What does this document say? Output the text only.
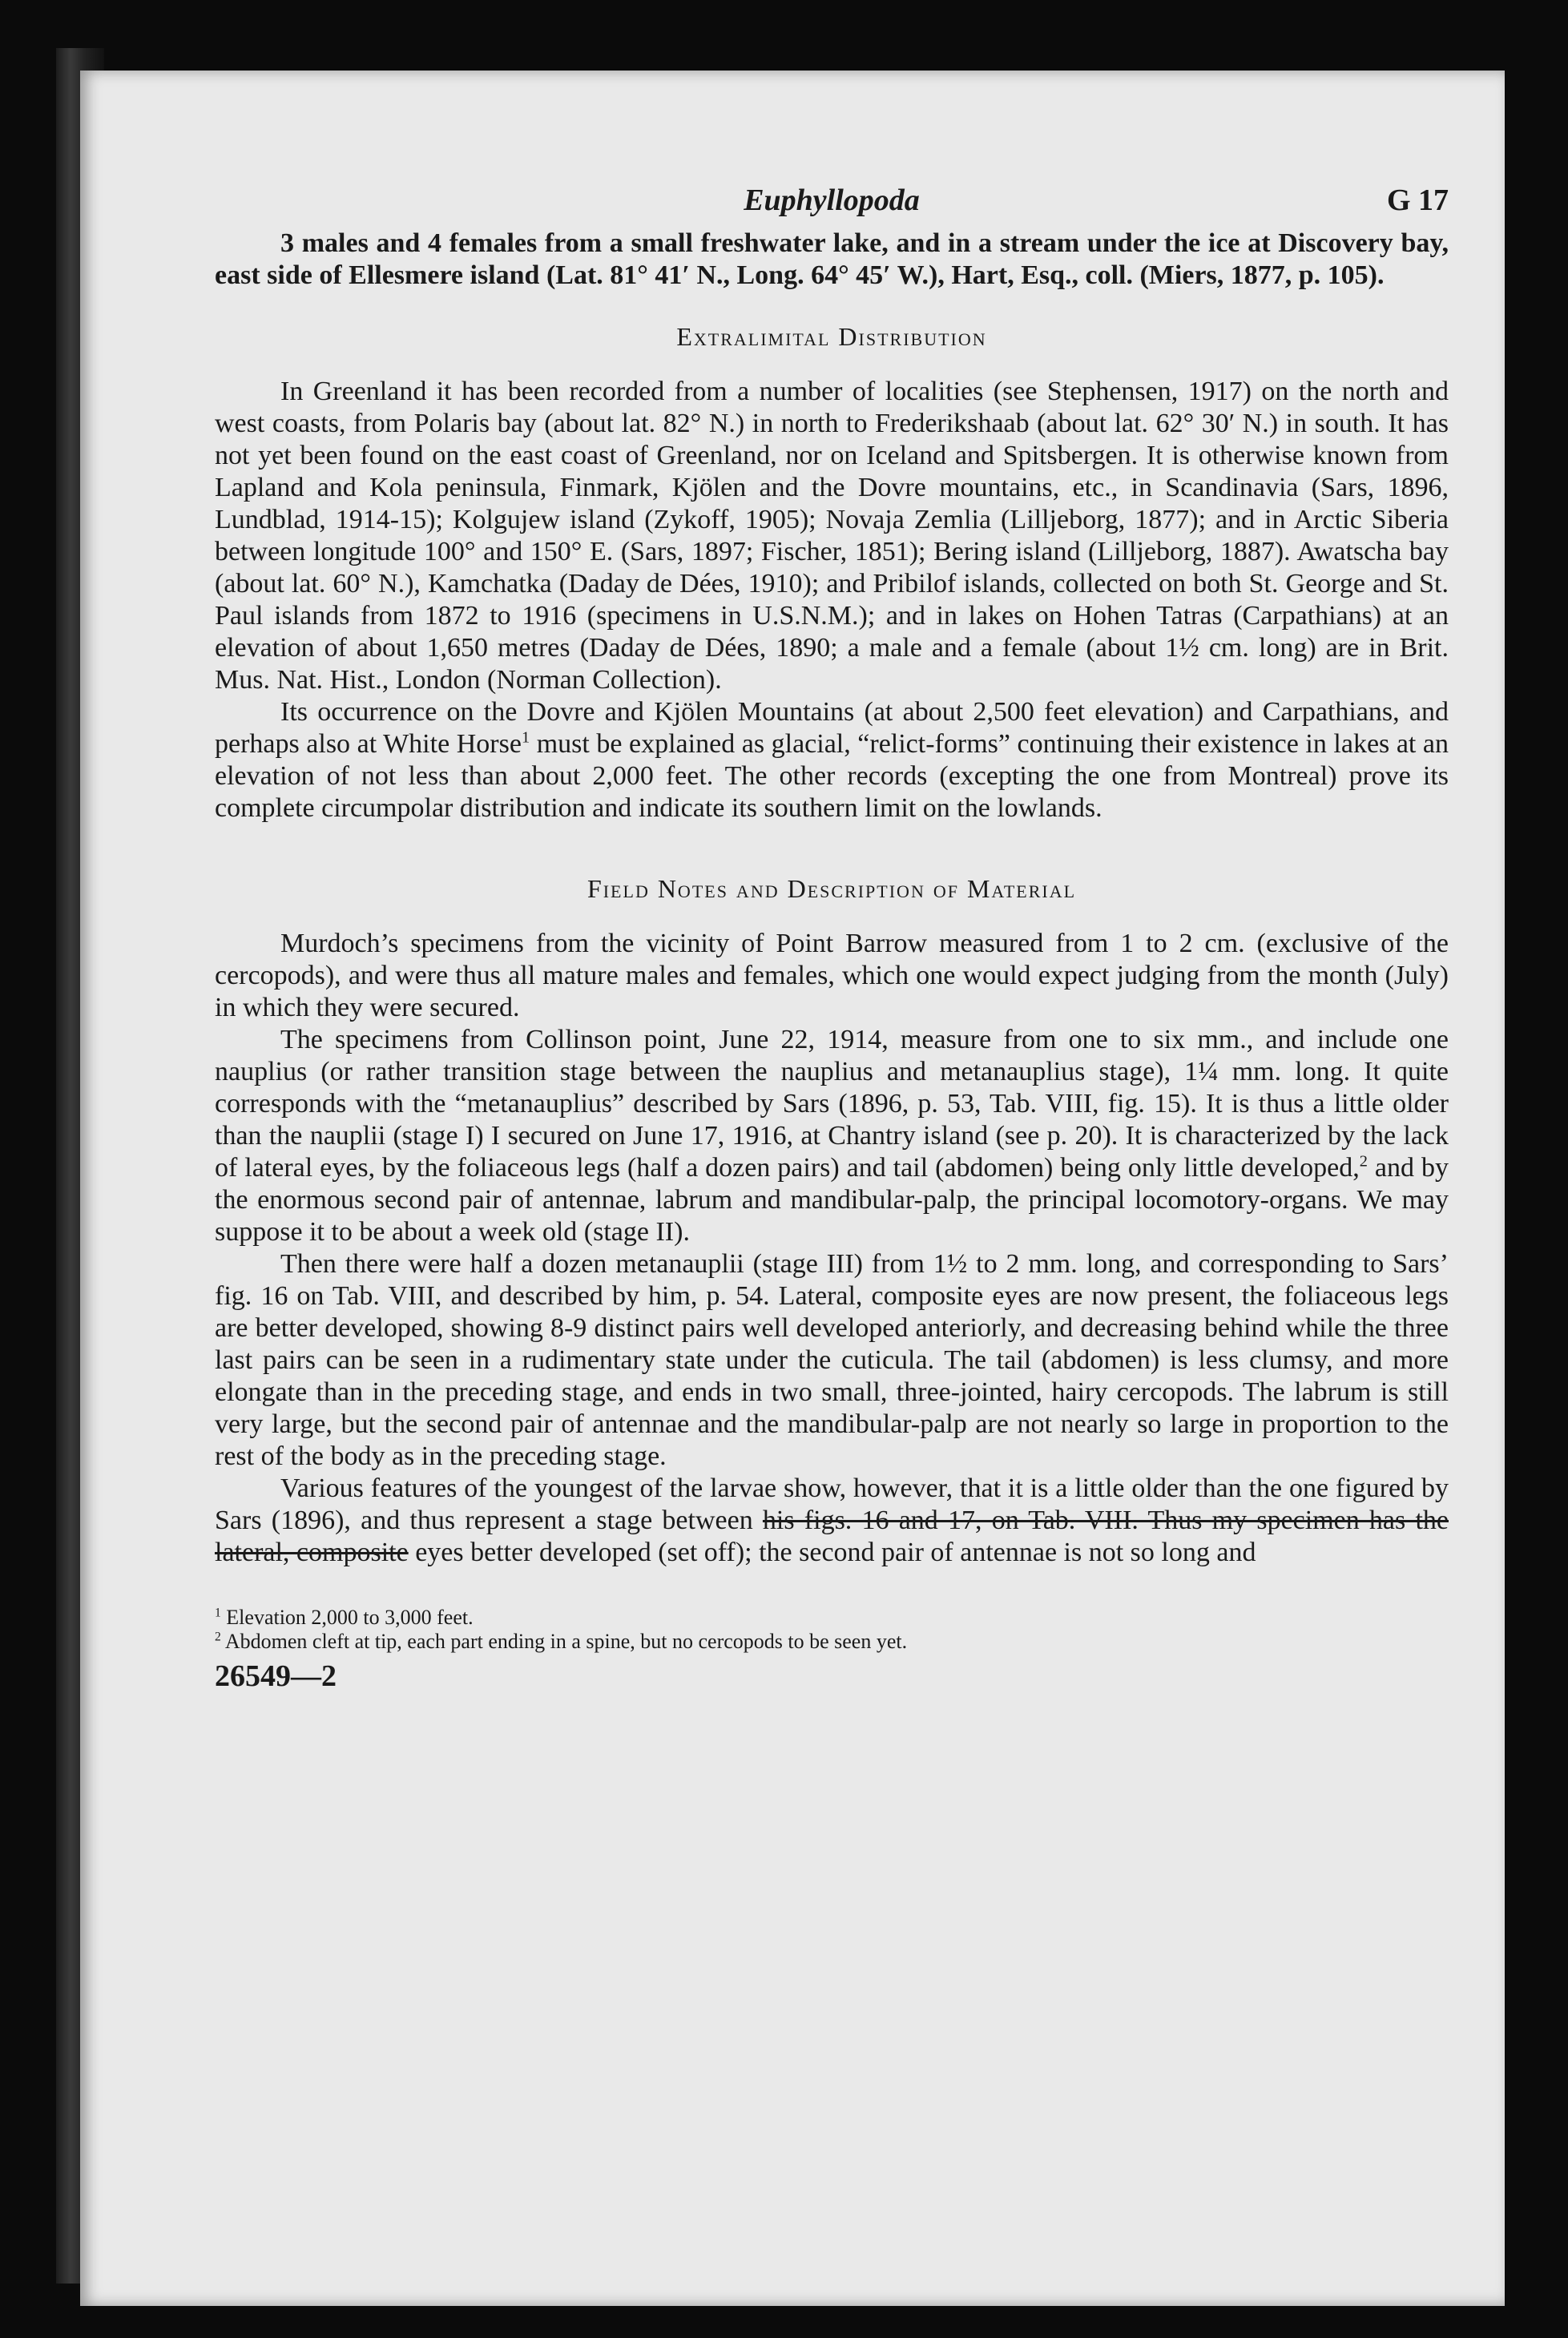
Euphyllopoda	G 17

3 males and 4 females from a small freshwater lake, and in a stream under the ice at Discovery bay, east side of Ellesmere island (Lat. 81° 41′ N., Long. 64° 45′ W.), Hart, Esq., coll. (Miers, 1877, p. 105).

Extralimital Distribution

In Greenland it has been recorded from a number of localities (see Stephensen, 1917) on the north and west coasts, from Polaris bay (about lat. 82° N.) in north to Frederikshaab (about lat. 62° 30′ N.) in south. It has not yet been found on the east coast of Greenland, nor on Iceland and Spitsbergen. It is otherwise known from Lapland and Kola peninsula, Finmark, Kjölen and the Dovre mountains, etc., in Scandinavia (Sars, 1896, Lundblad, 1914-15); Kolgujew island (Zykoff, 1905); Novaja Zemlia (Lilljeborg, 1877); and in Arctic Siberia between longitude 100° and 150° E. (Sars, 1897; Fischer, 1851); Bering island (Lilljeborg, 1887). Awatscha bay (about lat. 60° N.), Kamchatka (Daday de Dées, 1910); and Pribilof islands, collected on both St. George and St. Paul islands from 1872 to 1916 (specimens in U.S.N.M.); and in lakes on Hohen Tatras (Carpathians) at an elevation of about 1,650 metres (Daday de Dées, 1890; a male and a female (about 1½ cm. long) are in Brit. Mus. Nat. Hist., London (Norman Collection).

Its occurrence on the Dovre and Kjölen Mountains (at about 2,500 feet elevation) and Carpathians, and perhaps also at White Horse$^1$ must be explained as glacial, “relict-forms” continuing their existence in lakes at an elevation of not less than about 2,000 feet. The other records (excepting the one from Montreal) prove its complete circumpolar distribution and indicate its southern limit on the lowlands.

Field Notes and Description of Material

Murdoch’s specimens from the vicinity of Point Barrow measured from 1 to 2 cm. (exclusive of the cercopods), and were thus all mature males and females, which one would expect judging from the month (July) in which they were secured.

The specimens from Collinson point, June 22, 1914, measure from one to six mm., and include one nauplius (or rather transition stage between the nauplius and metanauplius stage), 1¼ mm. long. It quite corresponds with the “metanauplius” described by Sars (1896, p. 53, Tab. VIII, fig. 15). It is thus a little older than the nauplii (stage I) I secured on June 17, 1916, at Chantry island (see p. 20). It is characterized by the lack of lateral eyes, by the foliaceous legs (half a dozen pairs) and tail (abdomen) being only little developed,$^2$ and by the enormous second pair of antennae, labrum and mandibular-palp, the principal locomotory-organs. We may suppose it to be about a week old (stage II).

Then there were half a dozen metanauplii (stage III) from 1½ to 2 mm. long, and corresponding to Sars’ fig. 16 on Tab. VIII, and described by him, p. 54. Lateral, composite eyes are now present, the foliaceous legs are better developed, showing 8-9 distinct pairs well developed anteriorly, and decreasing behind while the three last pairs can be seen in a rudimentary state under the cuticula. The tail (abdomen) is less clumsy, and more elongate than in the preceding stage, and ends in two small, three-jointed, hairy cercopods. The labrum is still very large, but the second pair of antennae and the mandibular-palp are not nearly so large in proportion to the rest of the body as in the preceding stage.

Various features of the youngest of the larvae show, however, that it is a little older than the one figured by Sars (1896), and thus represent a stage between his figs. 16 and 17, on Tab. VIII. Thus my specimen has the lateral, composite eyes better developed (set off); the second pair of antennae is not so long and

$^1$ Elevation 2,000 to 3,000 feet.
$^2$ Abdomen cleft at tip, each part ending in a spine, but no cercopods to be seen yet.
26549—2
